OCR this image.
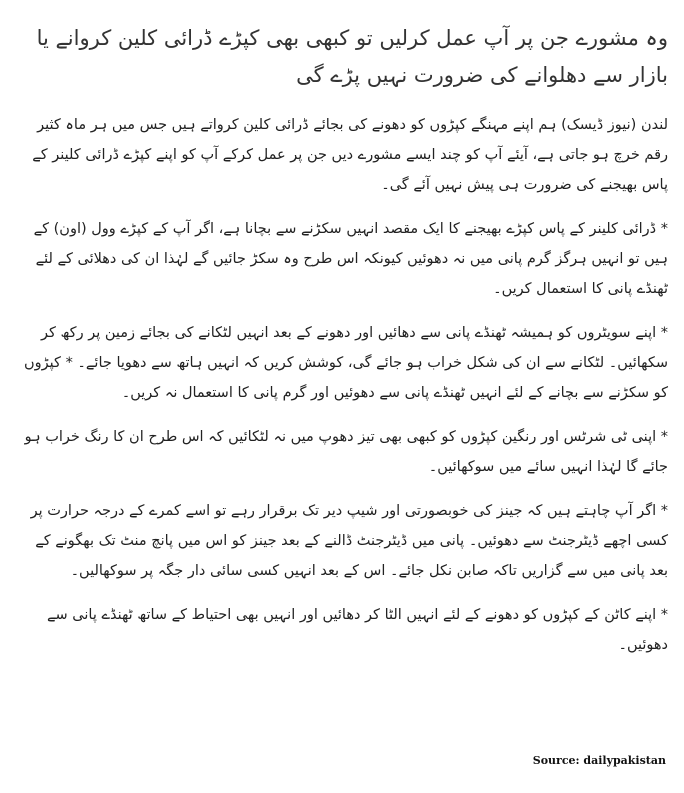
وہ مشورے جن پر آپ عمل کرلیں تو کبھی بھی کپڑے ڈرائی کلین کروانے یا بازار سے دھلوانے کی ضرورت نہیں پڑے گی

لندن (نیوز ڈیسک) ہم اپنے مہنگے کپڑوں کو دھونے کی بجائے ڈرائی کلین کرواتے ہیں جس میں ہر ماہ کثیر رقم خرچ ہو جاتی ہے، آیئے آپ کو چند ایسے مشورے دیں جن پر عمل کرکے آپ کو اپنے کپڑے ڈرائی کلینر کے پاس بھیجنے کی ضرورت ہی پیش نہیں آئے گی۔

* ڈرائی کلینر کے پاس کپڑے بھیجنے کا ایک مقصد انہیں سکڑنے سے بچانا ہے، اگر آپ کے کپڑے وول (اون) کے ہیں تو انہیں ہرگز گرم پانی میں نہ دھوئیں کیونکہ اس طرح وہ سکڑ جائیں گے لہٰذا ان کی دھلائی کے لئے ٹھنڈے پانی کا استعمال کریں۔

* اپنے سویٹروں کو ہمیشہ ٹھنڈے پانی سے دھائیں اور دھونے کے بعد انہیں لٹکانے کی بجائے زمین پر رکھ کر سکھائیں۔ لٹکانے سے ان کی شکل خراب ہو جائے گی، کوشش کریں کہ انہیں ہاتھ سے دھویا جائے۔ * کپڑوں کو سکڑنے سے بچانے کے لئے انہیں ٹھنڈے پانی سے دھوئیں اور گرم پانی کا استعمال نہ کریں۔

* اپنی ٹی شرٹس اور رنگین کپڑوں کو کبھی بھی تیز دھوپ میں نہ لٹکائیں کہ اس طرح ان کا رنگ خراب ہو جائے گا لہٰذا انہیں سائے میں سوکھائیں۔

* اگر آپ چاہتے ہیں کہ جینز کی خوبصورتی اور شیپ دیر تک برقرار رہے تو اسے کمرے کے درجہ حرارت پر کسی اچھے ڈیٹرجنٹ سے دھوئیں۔ پانی میں ڈیٹرجنٹ ڈالنے کے بعد جینز کو اس میں پانچ منٹ تک بھگونے کے بعد پانی میں سے گزاریں تاکہ صابن نکل جائے۔ اس کے بعد انہیں کسی سائی دار جگہ پر سوکھالیں۔

* اپنے کاٹن کے کپڑوں کو دھونے کے لئے انہیں الٹا کر دھائیں اور انہیں بھی احتیاط کے ساتھ ٹھنڈے پانی سے دھوئیں۔

Source: dailypakistan
